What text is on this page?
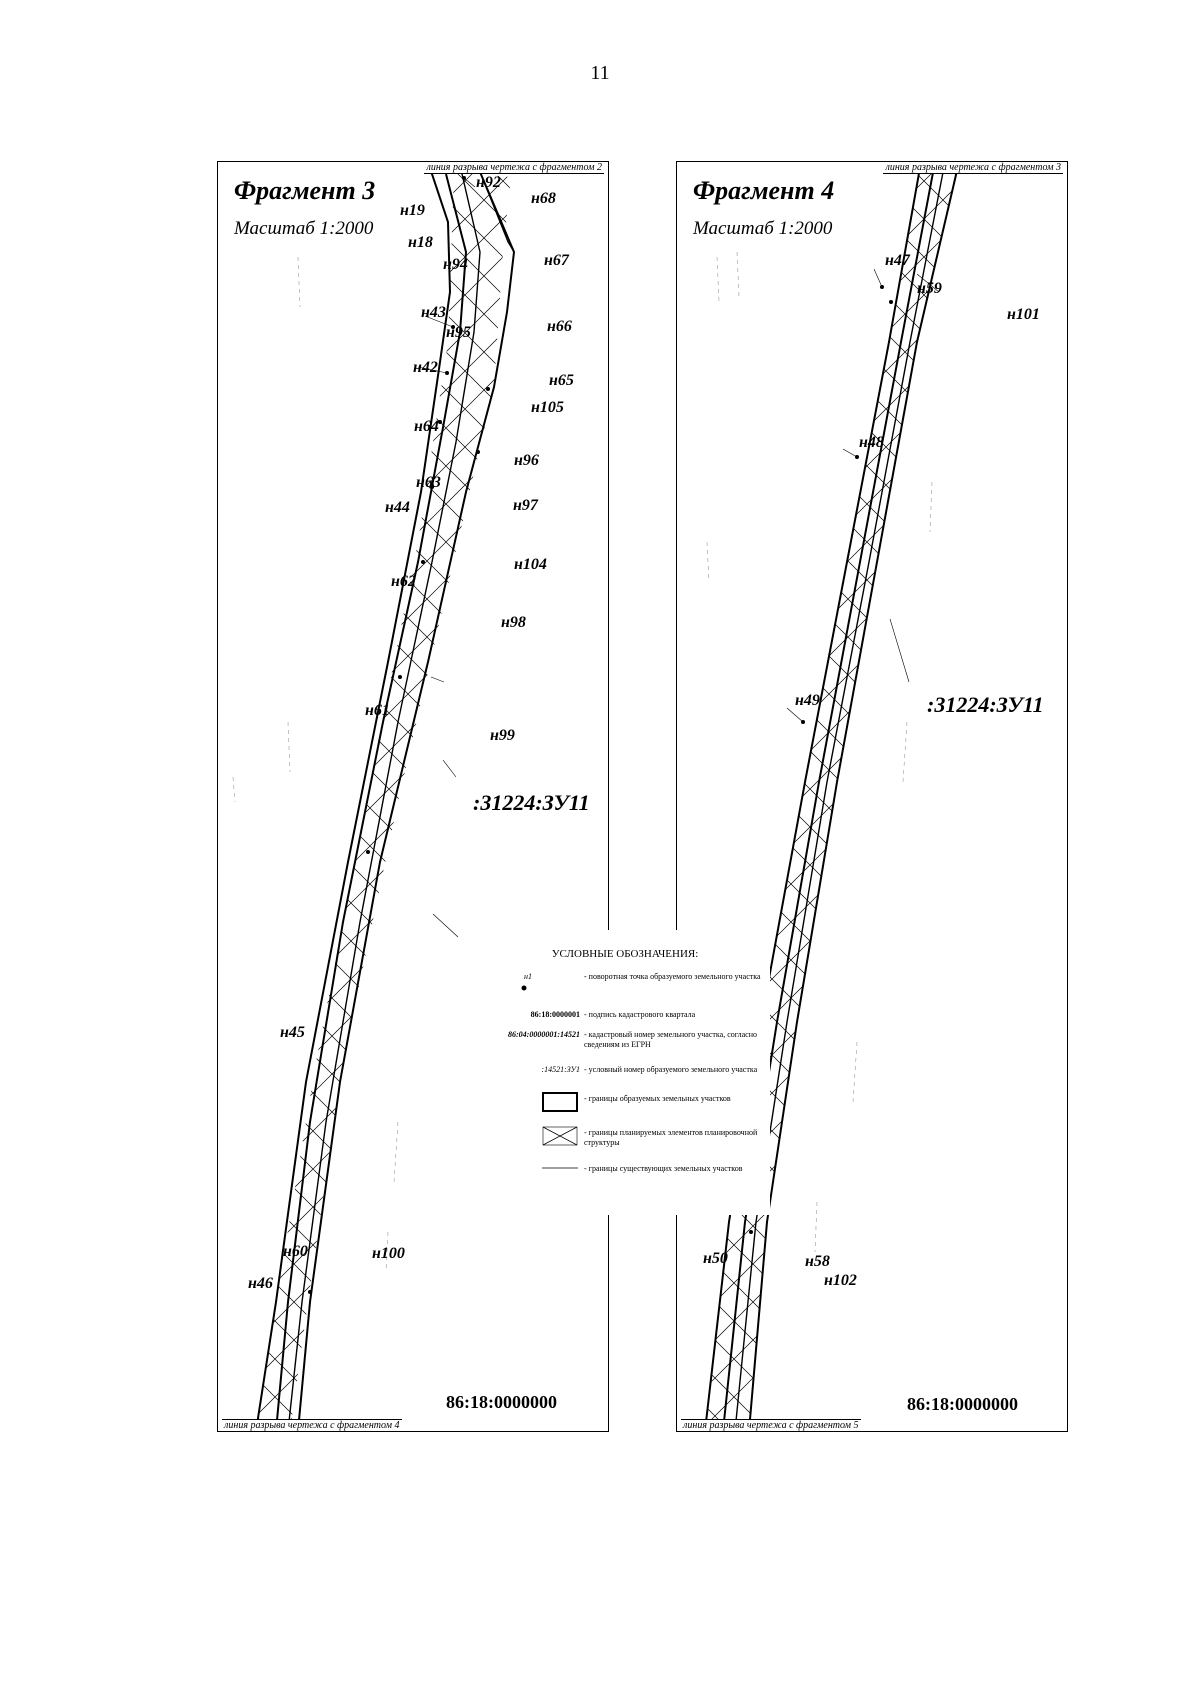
11
линия разрыва чертежа с фрагментом 2
Фрагмент 3
Масштаб 1:2000
н92
н19
н68
н18
н67
н94
н43
н95	н66
н42
н65
н105
н64
н96
н63
н97
н44
н104
н62
н98
н61
н99
н45
н60	н100
н46
:31224:ЗУ11
86:18:0000000
линия разрыва чертежа с фрагментом 4
линия разрыва чертежа с фрагментом 3
Фрагмент 4
Масштаб 1:2000
н47
н59
н101
н48
н49
н50	н58
н102
:31224:ЗУ11
86:18:0000000
линия разрыва чертежа с фрагментом 5
УСЛОВНЫЕ ОБОЗНАЧЕНИЯ:
н1	- поворотная точка образуемого земельного участка
86:18:0000001 - подпись кадастрового квартала
86:04:0000001:14521 - кадастровый номер земельного участка, согласно сведениям из ЕГРН
:14521:ЗУ1 - условный номер образуемого земельного участка
- границы образуемых земельных участков
- границы планируемых элементов планировочной структуры
- границы существующих земельных участков
